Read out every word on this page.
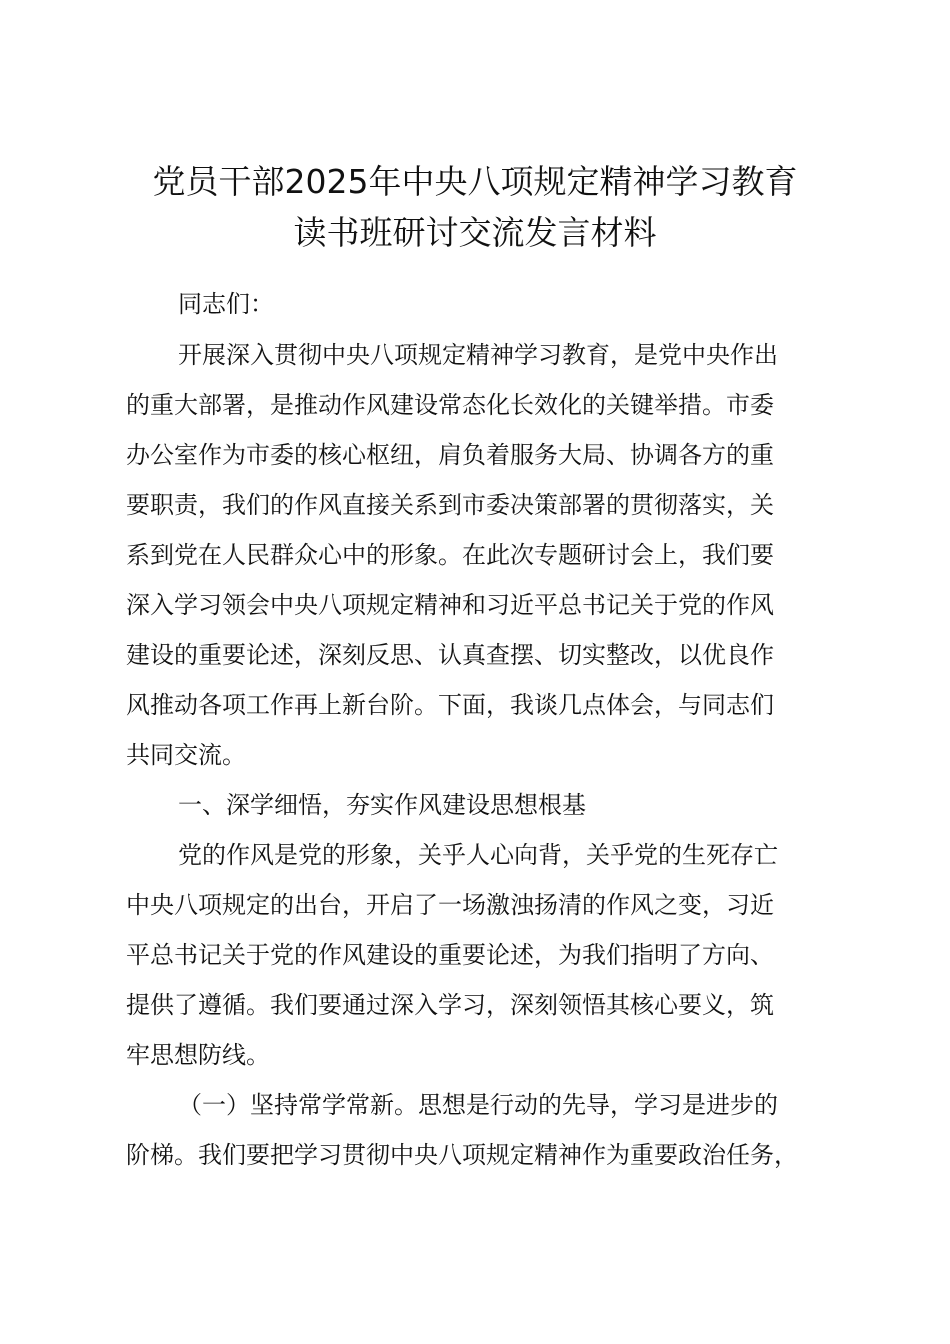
党员干部2025年中央八项规定精神学习教育
读书班研讨交流发言材料
同志们：
开展深入贯彻中央八项规定精神学习教育，是党中央作出
的重大部署，是推动作风建设常态化长效化的关键举措。市委
办公室作为市委的核心枢纽，肩负着服务大局、协调各方的重
要职责，我们的作风直接关系到市委决策部署的贯彻落实，关
系到党在人民群众心中的形象。在此次专题研讨会上，我们要
深入学习领会中央八项规定精神和习近平总书记关于党的作风
建设的重要论述，深刻反思、认真查摆、切实整改，以优良作
风推动各项工作再上新台阶。下面，我谈几点体会，与同志们
共同交流。
一、深学细悟，夯实作风建设思想根基
党的作风是党的形象，关乎人心向背，关乎党的生死存亡
中央八项规定的出台，开启了一场激浊扬清的作风之变，习近
平总书记关于党的作风建设的重要论述，为我们指明了方向、
提供了遵循。我们要通过深入学习，深刻领悟其核心要义，筑
牢思想防线。
（一）坚持常学常新。思想是行动的先导，学习是进步的
阶梯。我们要把学习贯彻中央八项规定精神作为重要政治任务，
